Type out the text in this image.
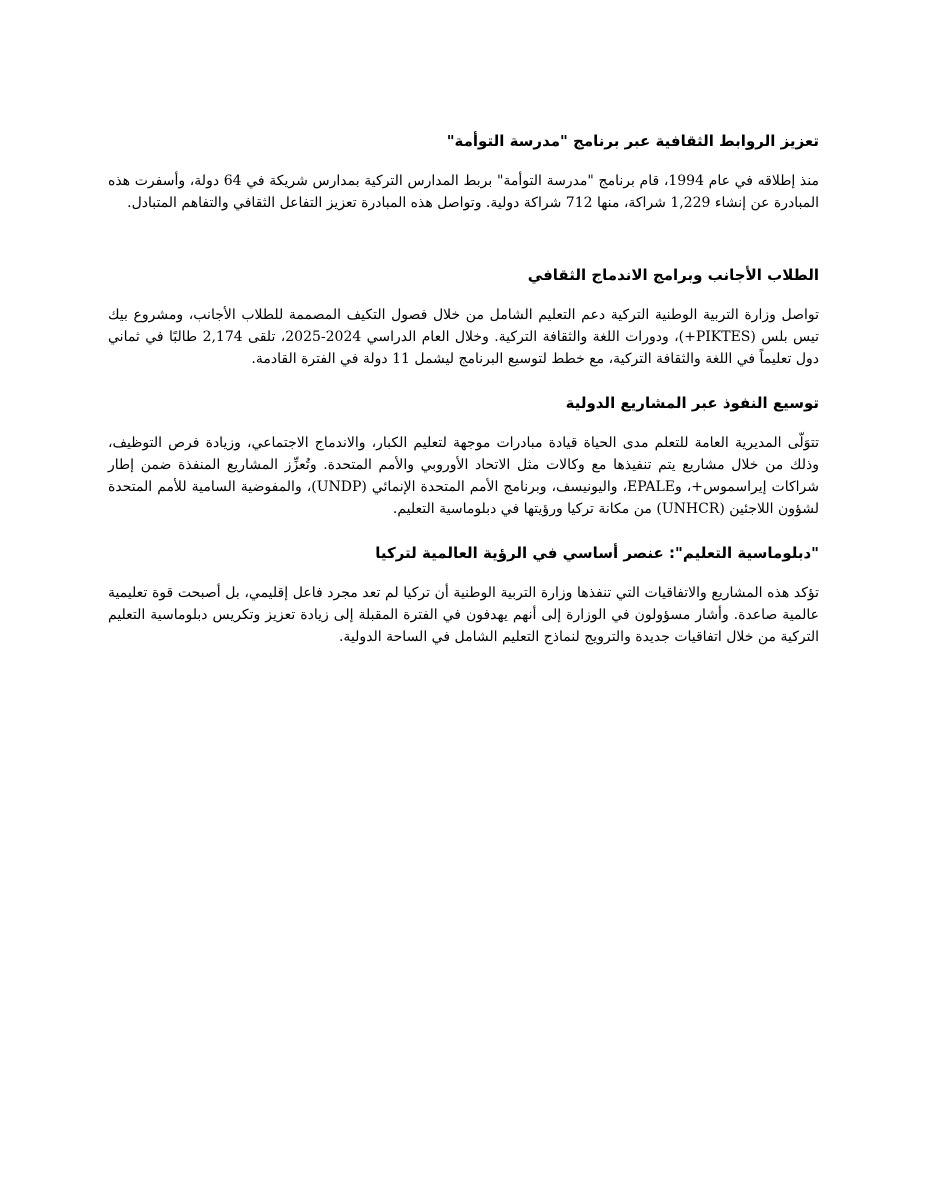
تعزيز الروابط الثقافية عبر برنامج "مدرسة التوأمة"

منذ إطلاقه في عام 1994، قام برنامج "مدرسة التوأمة" بربط المدارس التركية بمدارس شريكة في 64 دولة، وأسفرت هذه المبادرة عن إنشاء 1,229 شراكة، منها 712 شراكة دولية. وتواصل هذه المبادرة تعزيز التفاعل الثقافي والتفاهم المتبادل.

الطلاب الأجانب وبرامج الاندماج الثقافي

تواصل وزارة التربية الوطنية التركية دعم التعليم الشامل من خلال فصول التكيف المصممة للطلاب الأجانب، ومشروع بيك تيس بلس (PIKTES+)، ودورات اللغة والثقافة التركية. وخلال العام الدراسي 2024-2025، تلقى 2,174 طالبًا في ثماني دول تعليماً في اللغة والثقافة التركية، مع خطط لتوسيع البرنامج ليشمل 11 دولة في الفترة القادمة.

توسيع النفوذ عبر المشاريع الدولية

تتوَلّى المديرية العامة للتعلم مدى الحياة قيادة مبادرات موجهة لتعليم الكبار، والاندماج الاجتماعي، وزيادة فرص التوظيف، وذلك من خلال مشاريع يتم تنفيذها مع وكالات مثل الاتحاد الأوروبي والأمم المتحدة. وتُعزِّز المشاريع المنفذة ضمن إطار شراكات إيراسموس+، وEPALE، واليونيسف، وبرنامج الأمم المتحدة الإنمائي (UNDP)، والمفوضية السامية للأمم المتحدة لشؤون اللاجئين (UNHCR) من مكانة تركيا ورؤيتها في دبلوماسية التعليم.

"دبلوماسية التعليم": عنصر أساسي في الرؤية العالمية لتركيا

تؤكد هذه المشاريع والاتفاقيات التي تنفذها وزارة التربية الوطنية أن تركيا لم تعد مجرد فاعل إقليمي، بل أصبحت قوة تعليمية عالمية صاعدة. وأشار مسؤولون في الوزارة إلى أنهم يهدفون في الفترة المقبلة إلى زيادة تعزيز وتكريس دبلوماسية التعليم التركية من خلال اتفاقيات جديدة والترويج لنماذج التعليم الشامل في الساحة الدولية.
